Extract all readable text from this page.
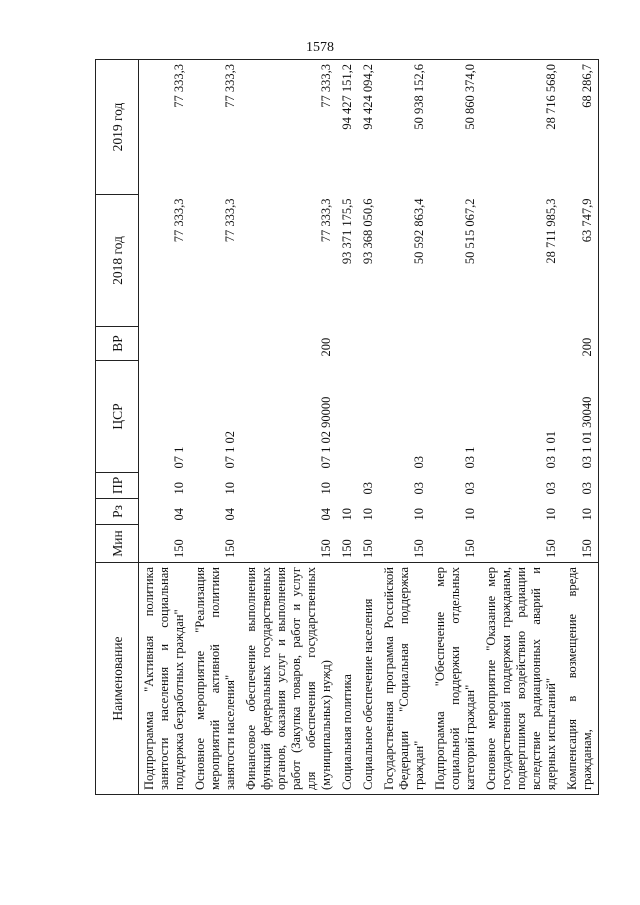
1578
Наименование	Мин	Рз	ПР	ЦСР	ВР	2018 год	2019 год
Подпрограмма "Активная политика занятости населения и социальная поддержка безработных граждан"	150	04	10	07 1		77 333,3	77 333,3
Основное мероприятие "Реализация мероприятий активной политики занятости населения"	150	04	10	07 1 02		77 333,3	77 333,3
Финансовое обеспечение выполнения функций федеральных государственных органов, оказания услуг и выполнения работ (Закупка товаров, работ и услуг для обеспечения государственных (муниципальных) нужд)	150	04	10	07 1 02 90000	200	77 333,3	77 333,3
Социальная политика	150	10				93 371 175,5	94 427 151,2
Социальное обеспечение населения	150	10	03			93 368 050,6	94 424 094,2
Государственная программа Российской Федерации "Социальная поддержка граждан"	150	10	03	03		50 592 863,4	50 938 152,6
Подпрограмма "Обеспечение мер социальной поддержки отдельных категорий граждан"	150	10	03	03 1		50 515 067,2	50 860 374,0
Основное мероприятие "Оказание мер государственной поддержки гражданам, подвергшимся воздействию радиации вследствие радиационных аварий и ядерных испытаний"	150	10	03	03 1 01		28 711 985,3	28 716 568,0
Компенсация в возмещение вреда гражданам,	150	10	03	03 1 01 30040	200	63 747,9	68 286,7
